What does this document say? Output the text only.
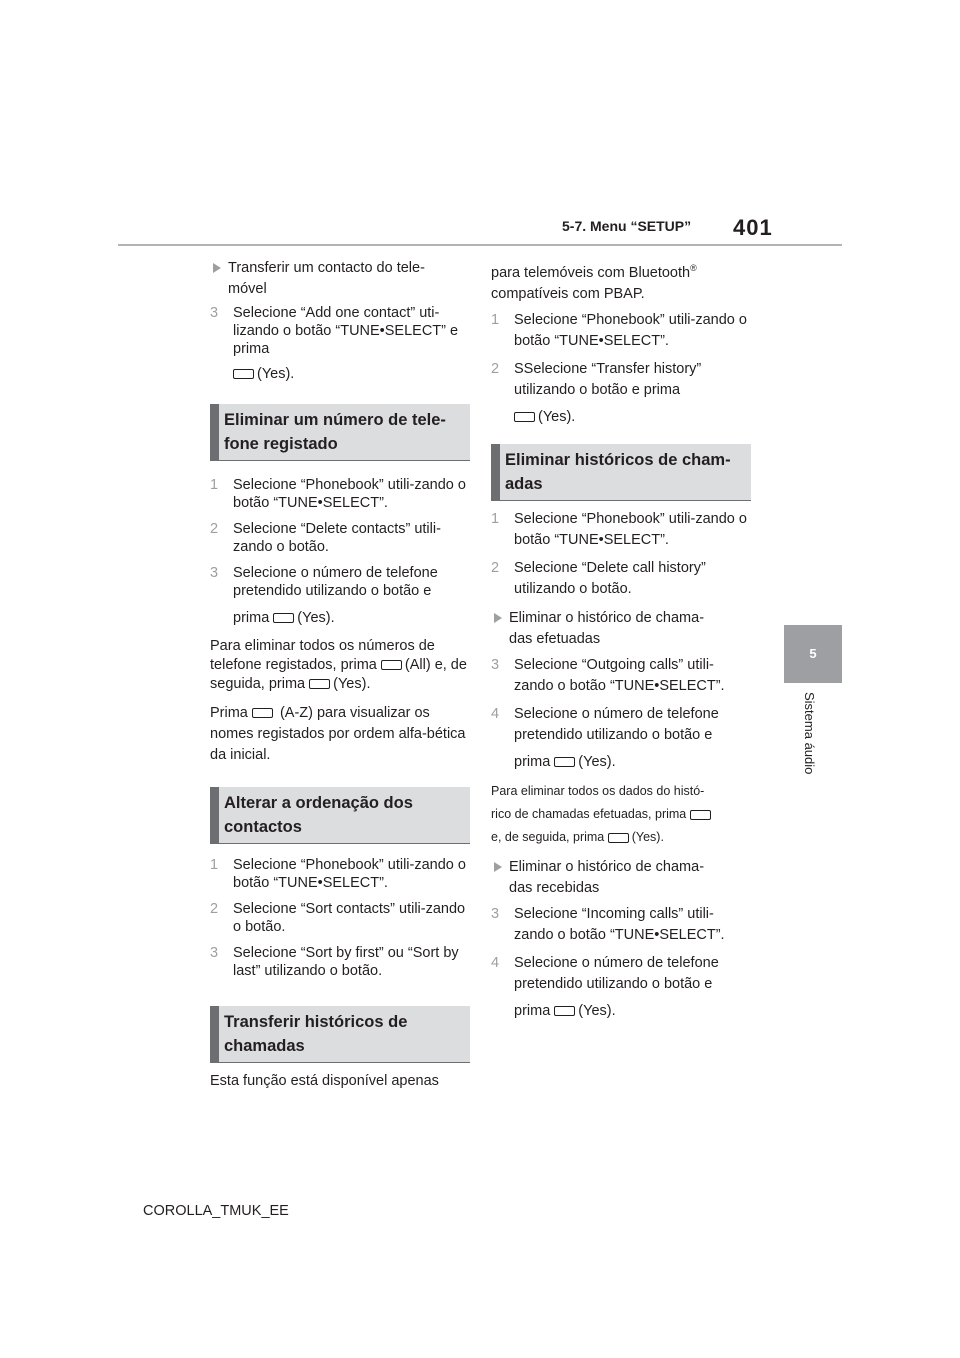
5-7. Menu “SETUP” 401
5
Sistema áudio
Transferir um contacto do tele-
móvel
3 Selecione “Add one contact” uti-lizando o botão “TUNE•SELECT” e prima
(Yes).
Eliminar um número de tele-fone registado
1 Selecione “Phonebook” utili-zando o botão “TUNE•SELECT”.
2 Selecione “Delete contacts” utili-zando o botão.
3 Selecione o número de telefone pretendido utilizando o botão e
prima (Yes).

Para eliminar todos os números de telefone registados, prima (All) e, de seguida, prima (Yes).

Prima (A-Z) para visualizar os nomes registados por ordem alfa-bética da inicial.

Alterar a ordenação dos contactos
1 Selecione “Phonebook” utili-zando o botão “TUNE•SELECT”.
2 Selecione “Sort contacts” utili-zando o botão.
3 Selecione “Sort by first” ou “Sort by last” utilizando o botão.
Transferir históricos de chamadas

Esta função está disponível apenas

para telemóveis com Bluetooth®
compatíveis com PBAP.

1 Selecione “Phonebook” utili-zando o botão “TUNE•SELECT”.
2 SSelecione “Transfer history” utilizando o botão e prima
(Yes).
Eliminar históricos de cham-adas
1 Selecione “Phonebook” utili-zando o botão “TUNE•SELECT”.
2 Selecione “Delete call history” utilizando o botão.
Eliminar o histórico de chama-
das efetuadas
3 Selecione “Outgoing calls” utili-zando o botão “TUNE•SELECT”.
4 Selecione o número de telefone pretendido utilizando o botão e
prima (Yes).
Para eliminar todos os dados do histó-
rico de chamadas efetuadas, prima
e, de seguida, prima (Yes).
Eliminar o histórico de chama-
das recebidas
3 Selecione “Incoming calls” utili-zando o botão “TUNE•SELECT”.
4 Selecione o número de telefone pretendido utilizando o botão e
prima (Yes).
COROLLA_TMUK_EE
